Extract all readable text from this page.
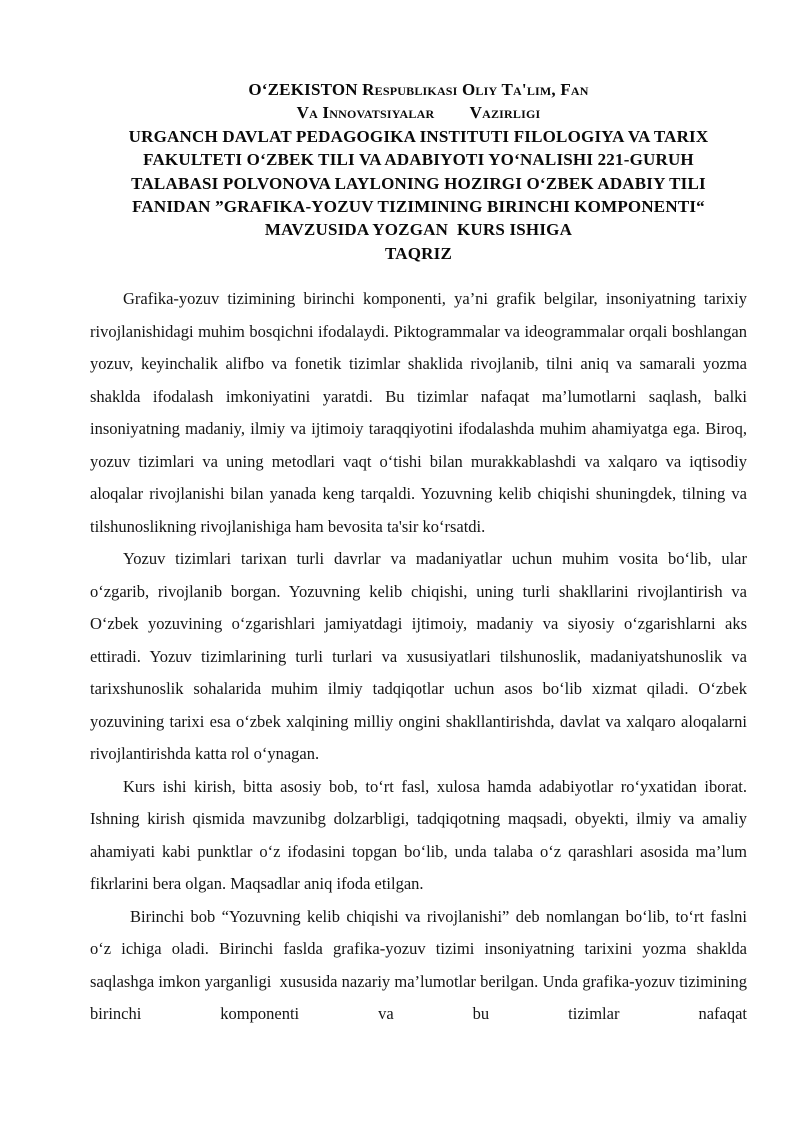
O‘ZEKISTON Respublikasi Oliy Ta'lim, Fan
Va Innovatsiyalar        Vazirligi
URGANCH DAVLAT PEDAGOGIKA INSTITUTI FILOLOGIYA VA TARIX
FAKULTETI O‘ZBEK TILI VA ADABIYOTI YO‘NALISHI 221-GURUH
TALABASI POLVONOVA LAYLONING HOZIRGI O‘ZBEK ADABIY TILI
FANIDAN ”GRAFIKA-YOZUV TIZIMINING BIRINCHI KOMPONENTI“
MAVZUSIDA YOZGAN  KURS ISHIGA
TAQRIZ

Grafika-yozuv tizimining birinchi komponenti, ya’ni grafik belgilar, insoniyatning tarixiy rivojlanishidagi muhim bosqichni ifodalaydi. Piktogrammalar va ideogrammalar orqali boshlangan yozuv, keyinchalik alifbo va fonetik tizimlar shaklida rivojlanib, tilni aniq va samarali yozma shaklda ifodalash imkoniyatini yaratdi. Bu tizimlar nafaqat ma’lumotlarni saqlash, balki insoniyatning madaniy, ilmiy va ijtimoiy taraqqiyotini ifodalashda muhim ahamiyatga ega. Biroq, yozuv tizimlari va uning metodlari vaqt o‘tishi bilan murakkablashdi va xalqaro va iqtisodiy aloqalar rivojlanishi bilan yanada keng tarqaldi. Yozuvning kelib chiqishi shuningdek, tilning va tilshunoslikning rivojlanishiga ham bevosita ta'sir ko‘rsatdi.

Yozuv tizimlari tarixan turli davrlar va madaniyatlar uchun muhim vosita bo‘lib, ular o‘zgarib, rivojlanib borgan. Yozuvning kelib chiqishi, uning turli shakllarini rivojlantirish va O‘zbek yozuvining o‘zgarishlari jamiyatdagi ijtimoiy, madaniy va siyosiy o‘zgarishlarni aks ettiradi. Yozuv tizimlarining turli turlari va xususiyatlari tilshunoslik, madaniyatshunoslik va tarixshunoslik sohalarida muhim ilmiy tadqiqotlar uchun asos bo‘lib xizmat qiladi. O‘zbek yozuvining tarixi esa o‘zbek xalqining milliy ongini shakllantirishda, davlat va xalqaro aloqalarni rivojlantirishda katta rol o‘ynagan.

Kurs ishi kirish, bitta asosiy bob, to‘rt fasl, xulosa hamda adabiyotlar ro‘yxatidan iborat. Ishning kirish qismida mavzunibg dolzarbligi, tadqiqotning maqsadi, obyekti, ilmiy va amaliy ahamiyati kabi punktlar o‘z ifodasini topgan bo‘lib, unda talaba o‘z qarashlari asosida ma’lum fikrlarini bera olgan. Maqsadlar aniq ifoda etilgan.

Birinchi bob “Yozuvning kelib chiqishi va rivojlanishi” deb nomlangan bo‘lib, to‘rt faslni o‘z ichiga oladi. Birinchi faslda grafika-yozuv tizimi insoniyatning tarixini yozma shaklda saqlashga imkon yarganligi  xususida nazariy ma’lumotlar berilgan. Unda grafika-yozuv tizimining birinchi komponenti va bu tizimlar nafaqat
